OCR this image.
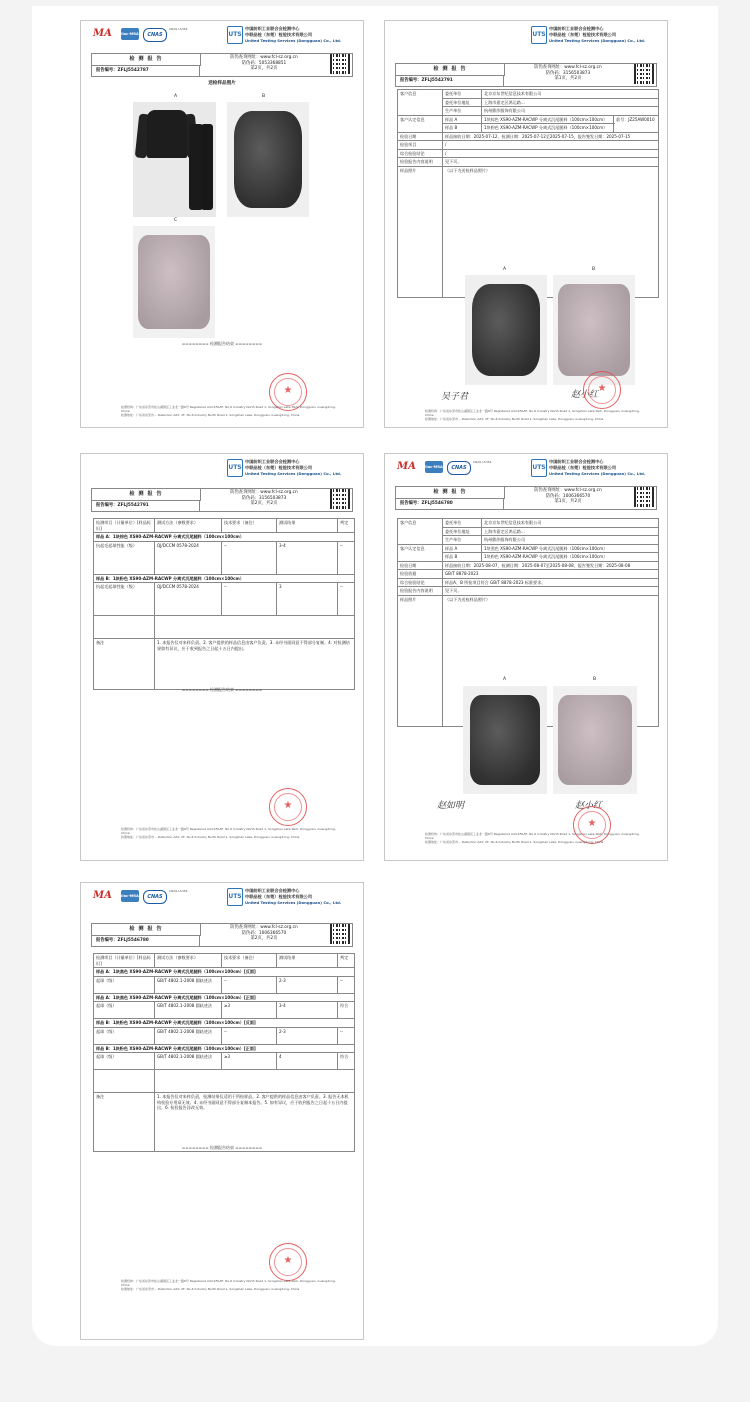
MA	ilac-MRA	CNAS
CNAS L5354
UTS
中国纺织工业联合会检测中心
中联品检（东莞）检验技术有限公司
United Testing Services (Dongguan) Co., Ltd.
检 测 报 告
报告编号：ZFLJ5542787
防伪查询网址：www.fcl-sz.org.cn
防伪码：5053368851
第2页，共2页
送检样品照片
A	B
C
======== 检测报告结束 ========
★
检测机构：广东省东莞市松山湖园区工业北一路6号 Registered Add:2F&3F, No.6 Industry North Road 1, Songshan Lake Park, Dongguan, Guangdong, China
检测地址：广东省东莞市... Detection Add: 2F, No.6 Industry North Road 1, Songshan Lake, Dongguan, Guangdong, China
UTS
中国纺织工业联合会检测中心
中联品检（东莞）检验技术有限公司
United Testing Services (Dongguan) Co., Ltd.
检 测 报 告
报告编号：ZFLJ5542791
防伪查询网址：www.fcl-sz.org.cn
防伪码：3156503873
第1页，共2页
客户信息	委托单位	北京京东世纪信息技术有限公司	
	委托单位地址	上海市嘉定区鸿运路...	
	生产单位	杭州鼎莎服饰有限公司	
客户认定信息	样品 A	1块棕色 XS90-AZM-RACWP 分离式沉尾腿料（100cm×100cm）	款号：JZ25AW0010
	样品 B	1块粉色 XS90-AZM-RACWP 分离式沉尾腿料（100cm×100cm）	
检验日期	样品接收日期：2025-07-12，检测日期：2025-07-12至2025-07-15，报告签发日期：2025-07-15		
检验项目	/		
综合检验结论	/		
检验报告内容说明	见下页。		
样品照片	（以下为送检样品照片）		
A	B
吴子君	赵小红
★
检测机构：广东省东莞市松山湖园区工业北一路6号 Registered Add:2F&3F, No.6 Industry North Road 1, Songshan Lake Park, Dongguan, Guangdong, China
检测地址：广东省东莞市... Detection Add: 2F, No.6 Industry North Road 1, Songshan Lake, Dongguan, Guangdong, China
UTS
中国纺织工业联合会检测中心
中联品检（东莞）检验技术有限公司
United Testing Services (Dongguan) Co., Ltd.
检 测 报 告
报告编号：ZFLJ5542791
防伪查询网址：www.fcl-sz.org.cn
防伪码：3156503873
第2页，共2页
检测项目（计量单位）[样品标识]	测试方法（参数要求）	技术要求（备注）	测试结果	判定
样品 A：1块棕色 XS90-AZM-RACWP 分离式沉尾腿料（100cm×100cm）				
抗起毛起球性能（级）	QJ/DCCM 0578-2024	--	3-4	--
样品 B：1块粉色 XS90-AZM-RACWP 分离式沉尾腿料（100cm×100cm）				
抗起毛起球性能（级）	QJ/DCCM 0578-2024	--	3	--

备注	1. 本报告仅对来样负责。2. 客户提供的样品信息由客户负责。3. 未经书面同意不得部分复制。4. 对检测结果如有异议，应于收到报告之日起十五日内提出。			
======== 检测报告结束 ========
★
检测机构：广东省东莞市松山湖园区工业北一路6号 Registered Add:2F&3F, No.6 Industry North Road 1, Songshan Lake Park, Dongguan, Guangdong, China
检测地址：广东省东莞市... Detection Add: 2F, No.6 Industry North Road 1, Songshan Lake, Dongguan, Guangdong, China
MA	ilac-MRA	CNAS
CNAS L5354
UTS
中国纺织工业联合会检测中心
中联品检（东莞）检验技术有限公司
United Testing Services (Dongguan) Co., Ltd.
检 测 报 告
报告编号：ZFLJ5546780
防伪查询网址：www.fcl-sz.org.cn
防伪码：1006366570
第1页，共2页
客户信息	委托单位	北京京东世纪信息技术有限公司
	委托单位地址	上海市嘉定区鸿运路...
	生产单位	杭州鼎莎服饰有限公司
客户认定信息	样品 A	1块黑色 XS90-AZM-RACWP 分离式沉尾腿料（100cm×100cm）
	样品 B	1块粉色 XS90-AZM-RACWP 分离式沉尾腿料（100cm×100cm）
检验日期	样品接收日期：2025-08-07，检测日期：2025-08-07至2025-08-08，报告签发日期：2025-08-08	
检验依据	GB/T 8878-2023	
综合检验结论	样品A、B 所检项目符合 GB/T 8878-2023 标准要求。	
检验报告内容说明	见下页。	
样品照片	（以下为送检样品照片）	
A	B
赵如明	赵小红
★
检测机构：广东省东莞市松山湖园区工业北一路6号 Registered Add:2F&3F, No.6 Industry North Road 1, Songshan Lake Park, Dongguan, Guangdong, China
检测地址：广东省东莞市... Detection Add: 2F, No.6 Industry North Road 1, Songshan Lake, Dongguan, Guangdong, China
MA	ilac-MRA	CNAS
CNAS L5354
UTS
中国纺织工业联合会检测中心
中联品检（东莞）检验技术有限公司
United Testing Services (Dongguan) Co., Ltd.
检 测 报 告
报告编号：ZFLJ5546780
防伪查询网址：www.fcl-sz.org.cn
防伪码：1006366570
第2页，共2页
检测项目（计量单位）[样品标识]	测试方法（参数要求）	技术要求（备注）	测试结果	判定
样品 A：1块黑色 XS90-AZM-RACWP 分离式沉尾腿料（100cm×100cm）[反面]				
起球（级）	GB/T 4802.1-2008 圆轨迹法	--	2-3	--
样品 A：1块黑色 XS90-AZM-RACWP 分离式沉尾腿料（100cm×100cm）[正面]				
起球（级）	GB/T 4802.1-2008 圆轨迹法	≥3	3-4	符合
样品 B：1块粉色 XS90-AZM-RACWP 分离式沉尾腿料（100cm×100cm）[反面]				
起球（级）	GB/T 4802.1-2008 圆轨迹法	--	2-3	--
样品 B：1块粉色 XS90-AZM-RACWP 分离式沉尾腿料（100cm×100cm）[正面]				
起球（级）	GB/T 4802.1-2008 圆轨迹法	≥3	4	符合

备注	1. 本报告仅对来样负责，检测结果仅适用于所检样品。2. 客户提供的样品信息由客户负责。3. 报告无本机构检验专用章无效。4. 未经书面同意不得部分复制本报告。5. 如有异议，应于收到报告之日起十五日内提出。6. 检验报告涂改无效。			
======== 检测报告结束 ========
★
检测机构：广东省东莞市松山湖园区工业北一路6号 Registered Add:2F&3F, No.6 Industry North Road 1, Songshan Lake Park, Dongguan, Guangdong, China
检测地址：广东省东莞市... Detection Add: 2F, No.6 Industry North Road 1, Songshan Lake, Dongguan, Guangdong, China
